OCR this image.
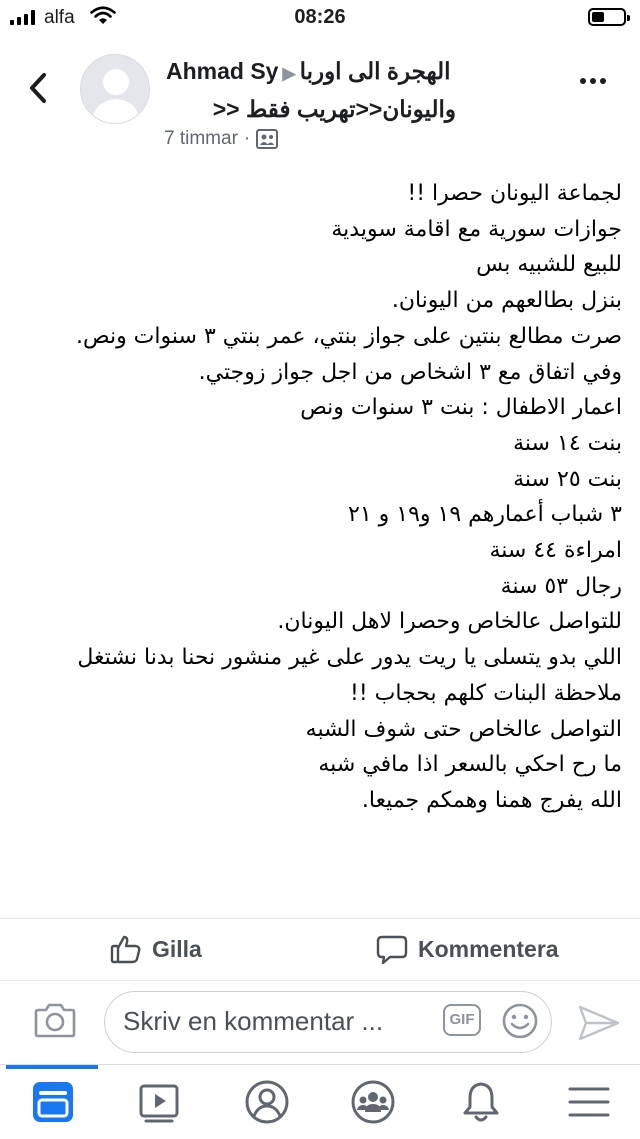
alfa	08:26
Ahmad Sy ▶ الهجرة الى اوربا
واليونان<<تهريب فقط <<
7 timmar ·
لجماعة اليونان حصرا !!
جوازات سورية مع اقامة سويدية
للبيع للشبيه بس
بنزل بطالعهم من اليونان.
صرت مطالع بنتين على جواز بنتي، عمر بنتي ٣ سنوات ونص.
وفي اتفاق مع ٣ اشخاص من اجل جواز زوجتي.
اعمار الاطفال : بنت ٣ سنوات ونص
بنت ١٤ سنة
بنت ٢٥ سنة
٣ شباب أعمارهم ١٩ و١٩ و ٢١
امراءة ٤٤ سنة
رجال ٥٣ سنة
للتواصل عالخاص وحصرا لاهل اليونان.
اللي بدو يتسلى يا ريت يدور على غير منشور نحنا بدنا نشتغل
ملاحظة البنات كلهم بحجاب !!
التواصل عالخاص حتى شوف الشبه
ما رح احكي بالسعر اذا مافي شبه
الله يفرج همنا وهمكم جميعا.
Gilla	Kommentera
Skriv en kommentar ...	GIF
